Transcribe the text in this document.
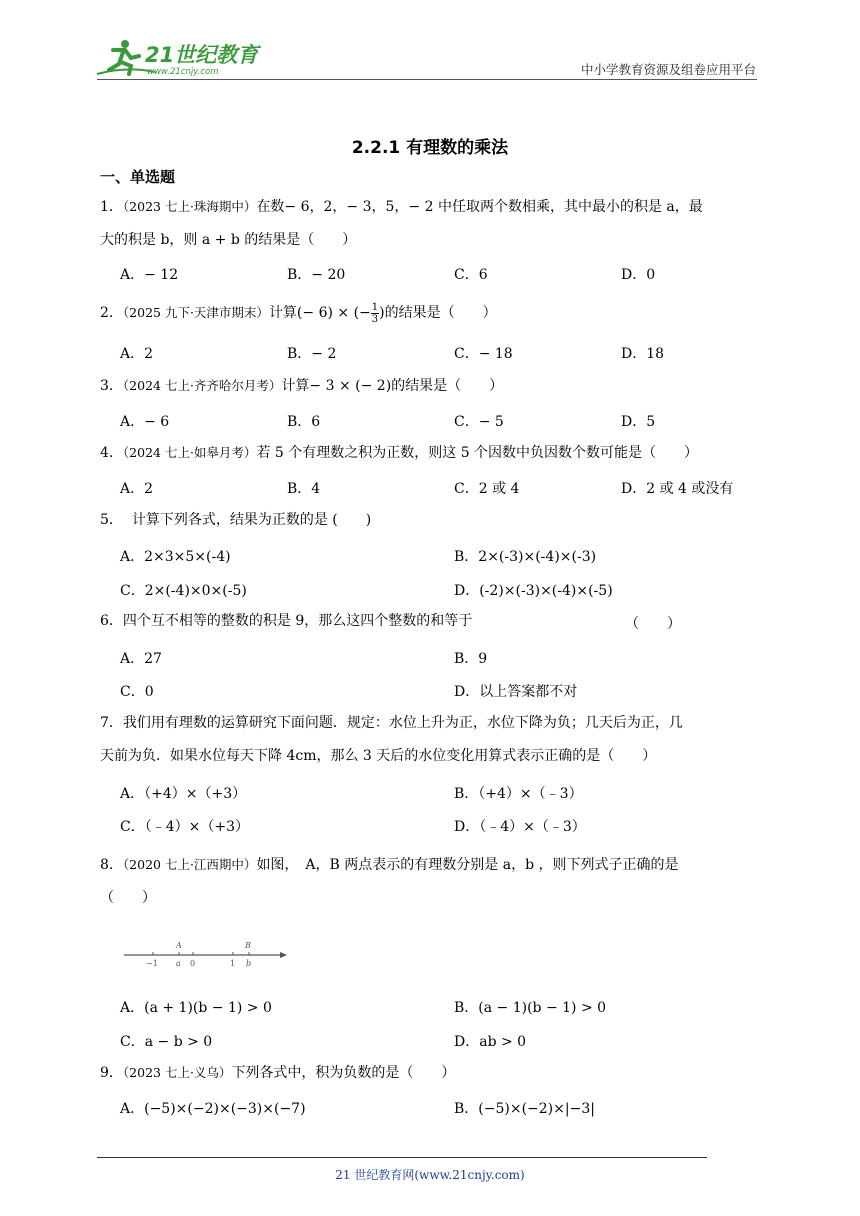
21世纪教育
www.21cnjy.com	中小学教育资源及组卷应用平台
2.2.1 有理数的乘法
一、单选题
1．（2023 七上·珠海期中）在数− 6，2，− 3，5，− 2 中任取两个数相乘，其中最小的积是 a，最
大的积是 b，则 a + b 的结果是（　　）
A．− 12	B．− 20	C．6	D．0
2．（2025 九下·天津市期末）计算(− 6) × (− $\frac{1}{3}$ )的结果是（　　）
A．2	B．− 2	C．− 18	D．18
3．（2024 七上·齐齐哈尔月考）计算− 3 × (− 2)的结果是（　　）
A．− 6	B．6	C．− 5	D．5
4．（2024 七上·如皋月考）若 5 个有理数之积为正数，则这 5 个因数中负因数个数可能是（　　）
A．2	B．4	C．2 或 4	D．2 或 4 或没有
5．  计算下列各式，结果为正数的是 (　　)
A．2×3×5×(-4)	B．2×(-3)×(-4)×(-3)
C．2×(-4)×0×(-5)	D．(-2)×(-3)×(-4)×(-5)
6．四个互不相等的整数的积是 9，那么这四个整数的和等于	（　　）
A．27	B．9
C．0	D．以上答案都不对
7．我们用有理数的运算研究下面问题．规定：水位上升为正，水位下降为负；几天后为正，几
天前为负．如果水位每天下降 4cm，那么 3 天后的水位变化用算式表示正确的是（　　）
A．（+4）×（+3）	B．（+4）×（﹣3）
C．（﹣4）×（+3）	D．（﹣4）×（﹣3）
8．（2020 七上·江西期中）如图，　A，B 两点表示的有理数分别是 a，b ，则下列式子正确的是
（　　）
A	B
−1 a 0	1 b
A．(a + 1)(b − 1) > 0	B．(a − 1)(b − 1) > 0
C．a − b > 0	D．ab > 0
9．（2023 七上·义乌）下列各式中，积为负数的是（　　）
A．(−5)×(−2)×(−3)×(−7)	B．(−5)×(−2)×|−3|
21 世纪教育网(www.21cnjy.com)
